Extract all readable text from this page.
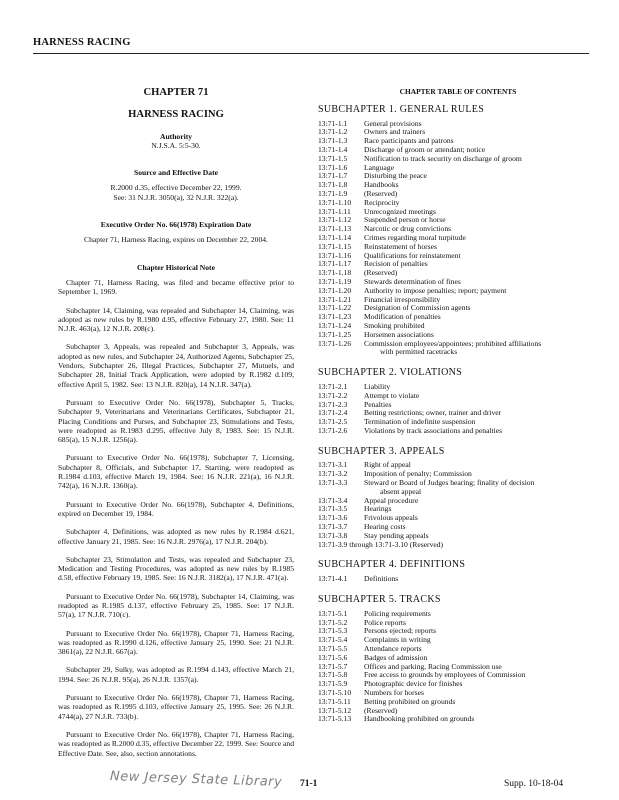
HARNESS RACING
CHAPTER 71
HARNESS RACING
Authority
N.J.S.A. 5:5-30.
Source and Effective Date
R.2000 d.35, effective December 22, 1999.
See: 31 N.J.R. 3050(a), 32 N.J.R. 322(a).
Executive Order No. 66(1978) Expiration Date
Chapter 71, Harness Racing, expires on December 22, 2004.
Chapter Historical Note

Chapter 71, Harness Racing, was filed and became effective prior to September 1, 1969.

Subchapter 14, Claiming, was repealed and Subchapter 14, Claiming, was adopted as new rules by R.1980 d.95, effective February 27, 1980. See: 11 N.J.R. 463(a), 12 N.J.R. 208(c).

Subchapter 3, Appeals, was repealed and Subchapter 3, Appeals, was adopted as new rules, and Subchapter 24, Authorized Agents, Subchapter 25, Vendors, Subchapter 26, Illegal Practices, Subchapter 27, Mutuels, and Subchapter 28, Initial Track Application, were adopted by R.1982 d.109, effective April 5, 1982. See: 13 N.J.R. 820(a), 14 N.J.R. 347(a).

Pursuant to Executive Order No. 66(1978), Subchapter 5, Tracks, Subchapter 9, Veterinarians and Veterinarians Certificates, Subchapter 21, Placing Conditions and Purses, and Subchapter 23, Stimulations and Tests, were readopted as R.1983 d.295, effective July 8, 1983. See: 15 N.J.R. 685(a), 15 N.J.R. 1256(a).

Pursuant to Executive Order No. 66(1978), Subchapter 7, Licensing, Subchapter 8, Officials, and Subchapter 17, Starting, were readopted as R.1984 d.103, effective March 19, 1984. See: 16 N.J.R. 221(a), 16 N.J.R. 742(a), 16 N.J.R. 1360(a).

Pursuant to Executive Order No. 66(1978), Subchapter 4, Definitions, expired on December 19, 1984.

Subchapter 4, Definitions, was adopted as new rules by R.1984 d.621, effective January 21, 1985. See: 16 N.J.R. 2976(a), 17 N.J.R. 204(b).

Subchapter 23, Stimulation and Tests, was repealed and Subchapter 23, Medication and Testing Procedures, was adopted as new rules by R.1985 d.58, effective February 19, 1985. See: 16 N.J.R. 3182(a), 17 N.J.R. 471(a).

Pursuant to Executive Order No. 66(1978), Subchapter 14, Claiming, was readopted as R.1985 d.137, effective February 25, 1985. See: 17 N.J.R. 57(a), 17 N.J.R. 710(c).

Pursuant to Executive Order No. 66(1978), Chapter 71, Harness Racing, was readopted as R.1990 d.126, effective January 25, 1990. See: 21 N.J.R. 3861(a), 22 N.J.R. 667(a).

Subchapter 29, Sulky, was adopted as R.1994 d.143, effective March 21, 1994. See: 26 N.J.R. 95(a), 26 N.J.R. 1357(a).

Pursuant to Executive Order No. 66(1978), Chapter 71, Harness Racing, was readopted as R.1995 d.103, effective January 25, 1995. See: 26 N.J.R. 4744(a), 27 N.J.R. 733(b).

Pursuant to Executive Order No. 66(1978), Chapter 71, Harness Racing, was readopted as R.2000 d.35, effective December 22, 1999. See: Source and Effective Date. See, also, section annotations.

CHAPTER TABLE OF CONTENTS
SUBCHAPTER 1. GENERAL RULES
13:71-1.1	General provisions
13:71-1.2	Owners and trainers
13:71-1.3	Race participants and patrons
13:71-1.4	Discharge of groom or attendant; notice
13:71-1.5	Notification to track security on discharge of groom
13:71-1.6	Language
13:71-1.7	Disturbing the peace
13:71-1.8	Handbooks
13:71-1.9	(Reserved)
13:71-1.10	Reciprocity
13:71-1.11	Unrecognized meetings
13:71-1.12	Suspended person or horse
13:71-1.13	Narcotic or drug convictions
13:71-1.14	Crimes regarding moral turpitude
13:71-1.15	Reinstatement of horses
13:71-1.16	Qualifications for reinstatement
13:71-1.17	Recision of penalties
13:71-1.18	(Reserved)
13:71-1.19	Stewards determination of fines
13:71-1.20	Authority to impose penalties; report; payment
13:71-1.21	Financial irresponsibility
13:71-1.22	Designation of Commission agents
13:71-1.23	Modification of penalties
13:71-1.24	Smoking prohibited
13:71-1.25	Horsemen associations
13:71-1.26	Commission employees/appointees; prohibited affiliations
with permitted racetracks
SUBCHAPTER 2. VIOLATIONS
13:71-2.1	Liability
13:71-2.2	Attempt to violate
13:71-2.3	Penalties
13:71-2.4	Betting restrictions; owner, trainer and driver
13:71-2.5	Termination of indefinite suspension
13:71-2.6	Violations by track associations and penalties
SUBCHAPTER 3. APPEALS
13:71-3.1	Right of appeal
13:71-3.2	Imposition of penalty; Commission
13:71-3.3	Steward or Board of Judges hearing; finality of decision
absent appeal
13:71-3.4	Appeal procedure
13:71-3.5	Hearings
13:71-3.6	Frivolous appeals
13:71-3.7	Hearing costs
13:71-3.8	Stay pending appeals
13:71-3.9 through 13:71-3.10 (Reserved)
SUBCHAPTER 4. DEFINITIONS
13:71-4.1	Definitions
SUBCHAPTER 5. TRACKS
13:71-5.1	Policing requirements
13:71-5.2	Police reports
13:71-5.3	Persons ejected; reports
13:71-5.4	Complaints in writing
13:71-5.5	Attendance reports
13:71-5.6	Badges of admission
13:71-5.7	Offices and parking, Racing Commission use
13:71-5.8	Free access to grounds by employees of Commission
13:71-5.9	Photographic device for finishes
13:71-5.10	Numbers for horses
13:71-5.11	Betting prohibited on grounds
13:71-5.12	(Reserved)
13:71-5.13	Handbooking prohibited on grounds
New Jersey State Library 71-1	Supp. 10-18-04
